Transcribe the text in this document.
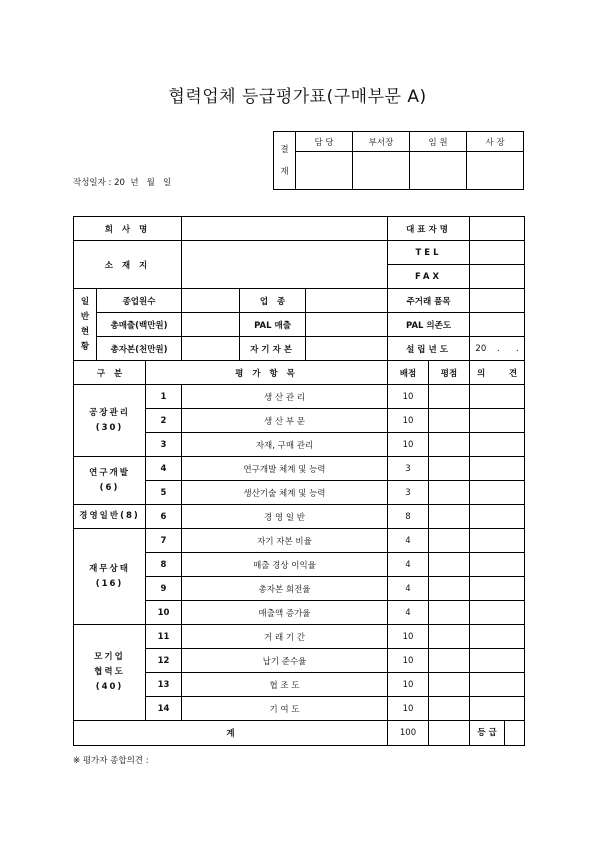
협력업체 등급평가표(구매부문 A)
결
재	담 당	부서장	임 원	사 장

작성일자 : 20  년   월   일
회 사 명						대표자명		
소 재 지						TEL		
						FAX		

일
반
현
황	종업원수			업   종		주거래 품목		
	총매출(백만원)			PAL 매출		PAL 의존도		
	총자본(천만원)			자기자본		설립년도		20    .      .
구   분		평 가 항 목				배점	평점	의        견

공장관리
(30)		1	생 산 관 리			10		
		2	생 산 부 문			10		
		3	자재, 구매 관리			10		

연구개발
(6)		4	연구개발 체계 및 능력			3		
		5	생산기술 체계 및 능력			3		

경영일반(8)		6	경 영 일 반			8		

재무상태
(16)		7	자기 자본 비율			4		
		8	매출 경상 이익율			4		
		9	총자본 회전율			4		
		10	매출액 증가율			4		

모기업
협력도
(40)		11	거 래 기 간			10		
		12	납기 준수율			10		
		13	협 조 도			10		
		14	기 여 도			10		
계						100		등 급
※ 평가자 종합의견 :
